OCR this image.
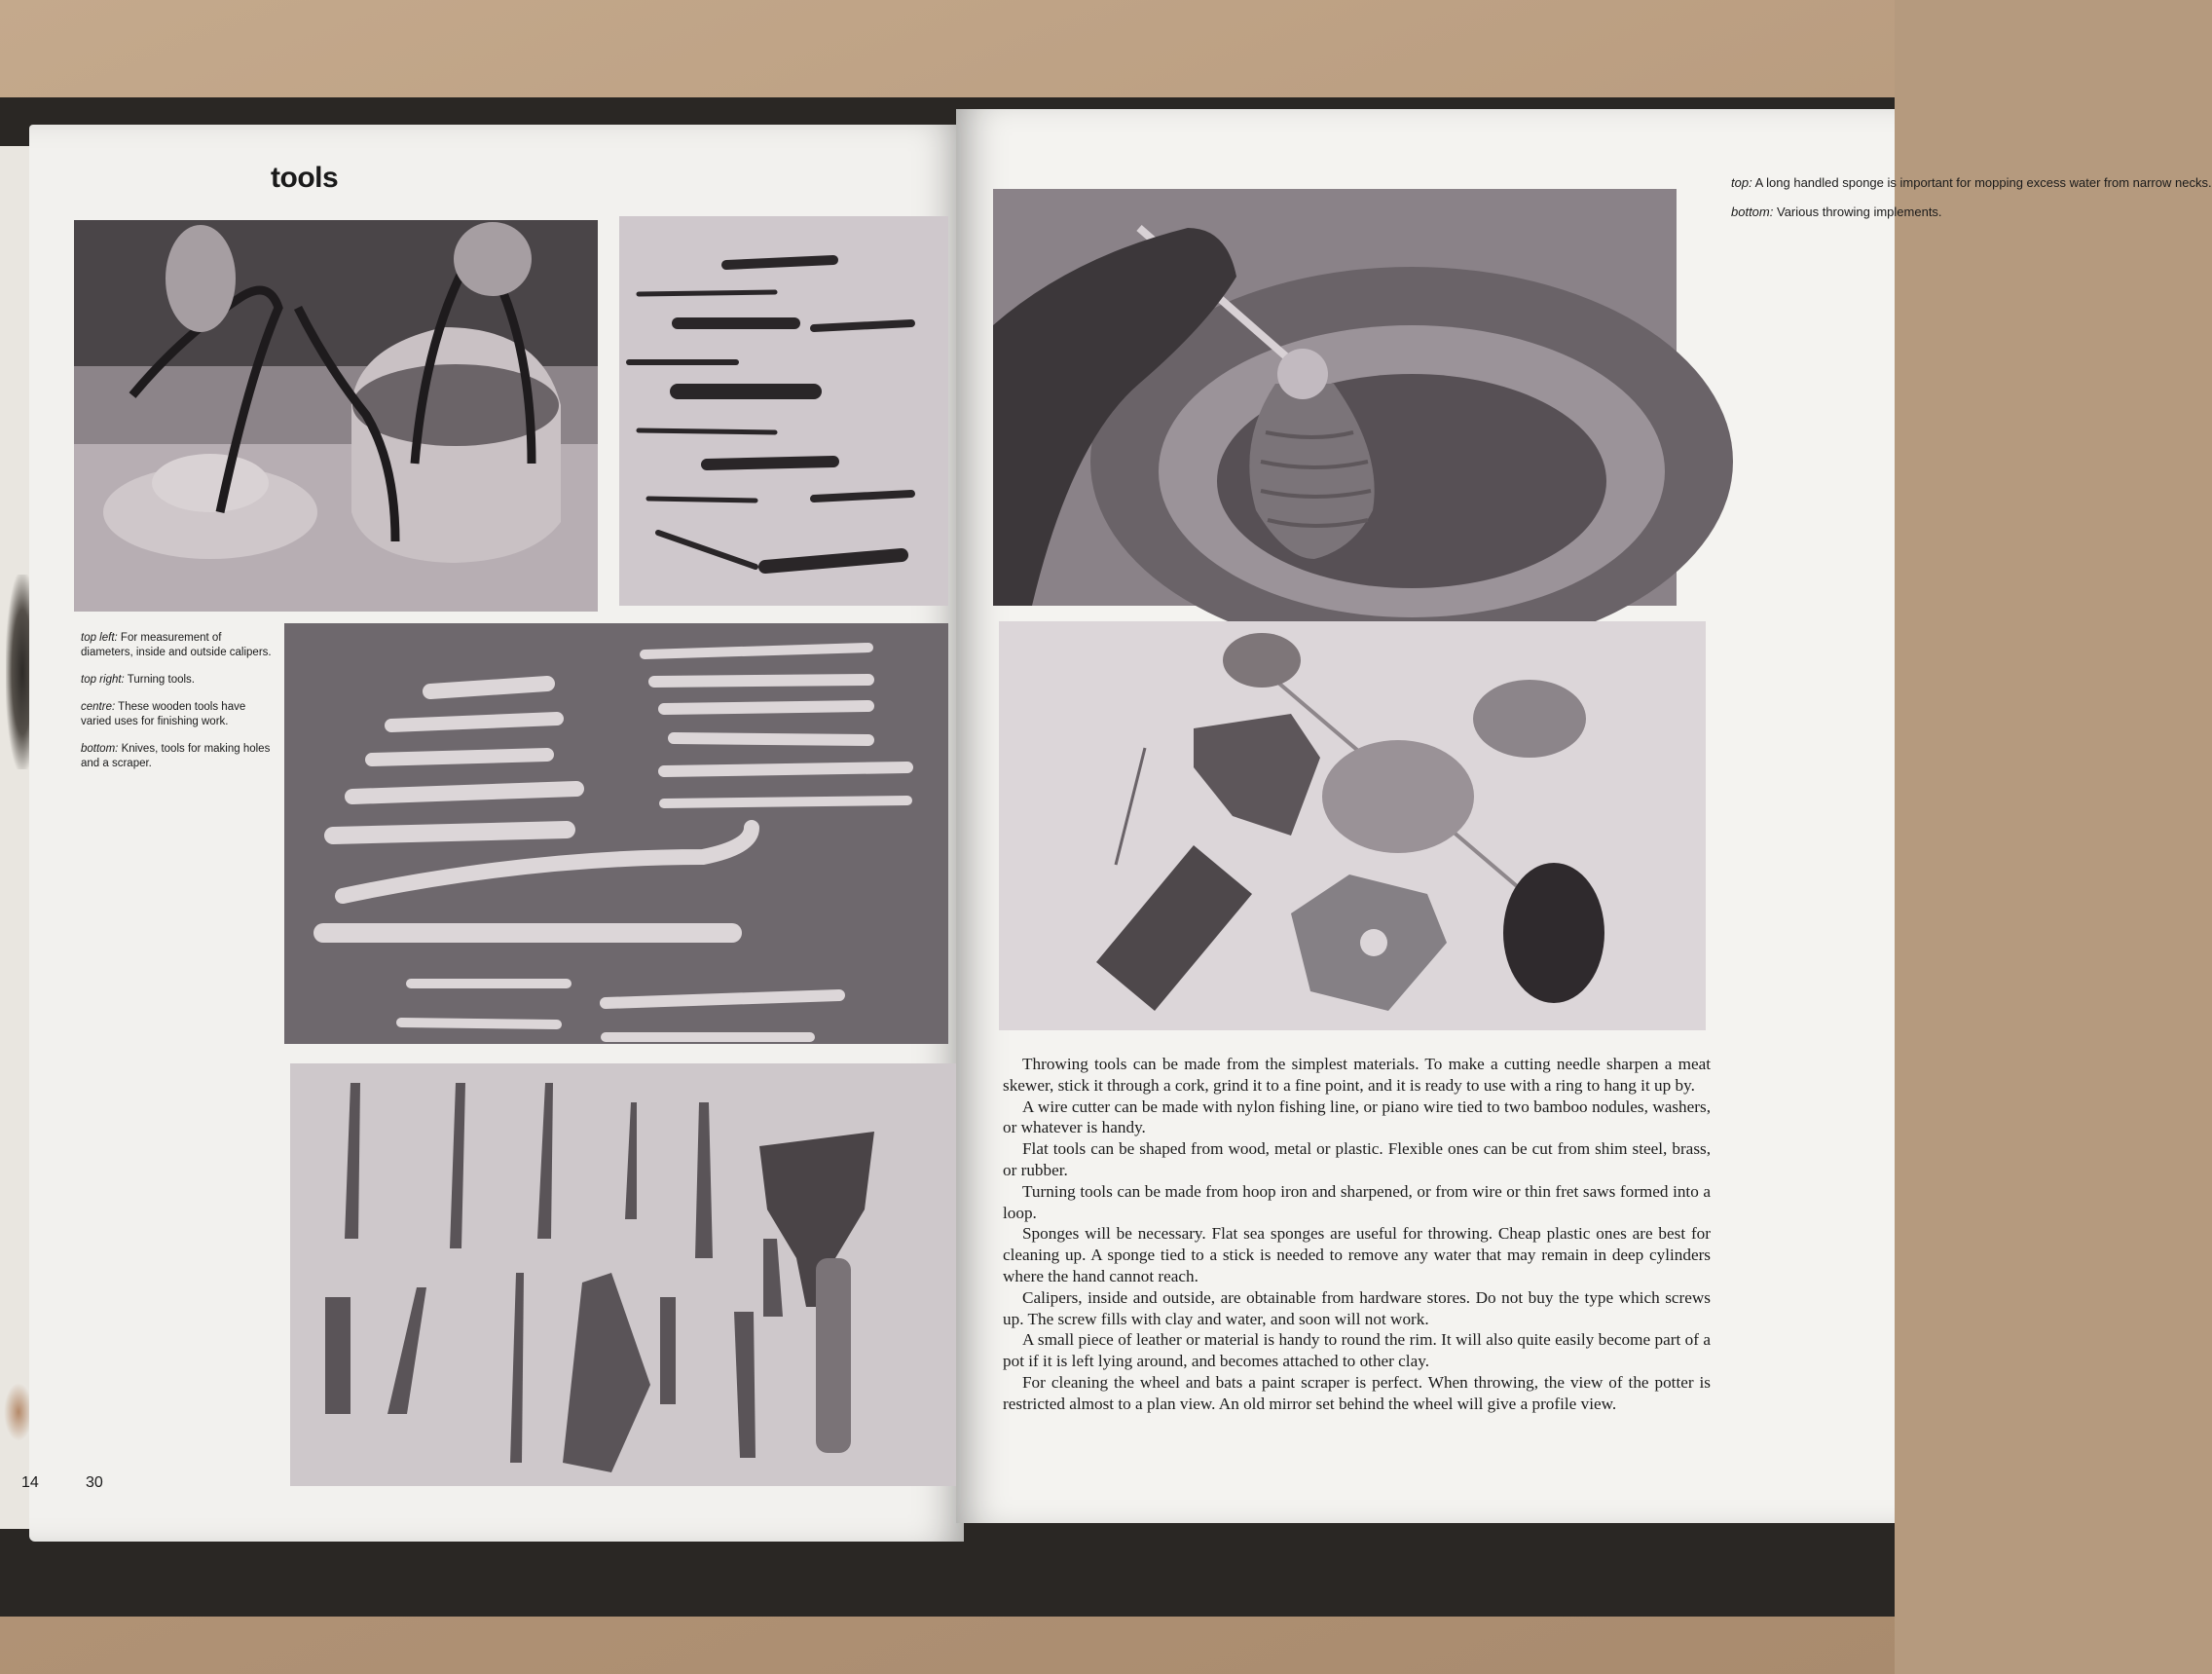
tools

top left: For measurement of diameters, inside and outside calipers.

top right: Turning tools.

centre: These wooden tools have varied uses for finishing work.

bottom: Knives, tools for making holes and a scraper.

14	30

top: A long handled sponge is important for mopping excess water from narrow necks.

bottom: Various throwing implements.

Throwing tools can be made from the simplest materials. To make a cutting needle sharpen a meat skewer, stick it through a cork, grind it to a fine point, and it is ready to use with a ring to hang it up by.

A wire cutter can be made with nylon fishing line, or piano wire tied to two bamboo nodules, washers, or whatever is handy.

Flat tools can be shaped from wood, metal or plastic. Flexible ones can be cut from shim steel, brass, or rubber.

Turning tools can be made from hoop iron and sharpened, or from wire or thin fret saws formed into a loop.

Sponges will be necessary. Flat sea sponges are useful for throwing. Cheap plastic ones are best for cleaning up. A sponge tied to a stick is needed to remove any water that may remain in deep cylinders where the hand cannot reach.

Calipers, inside and outside, are obtainable from hardware stores. Do not buy the type which screws up. The screw fills with clay and water, and soon will not work.

A small piece of leather or material is handy to round the rim. It will also quite easily become part of a pot if it is left lying around, and becomes attached to other clay.

For cleaning the wheel and bats a paint scraper is perfect. When throwing, the view of the potter is restricted almost to a plan view. An old mirror set behind the wheel will give a profile view.
